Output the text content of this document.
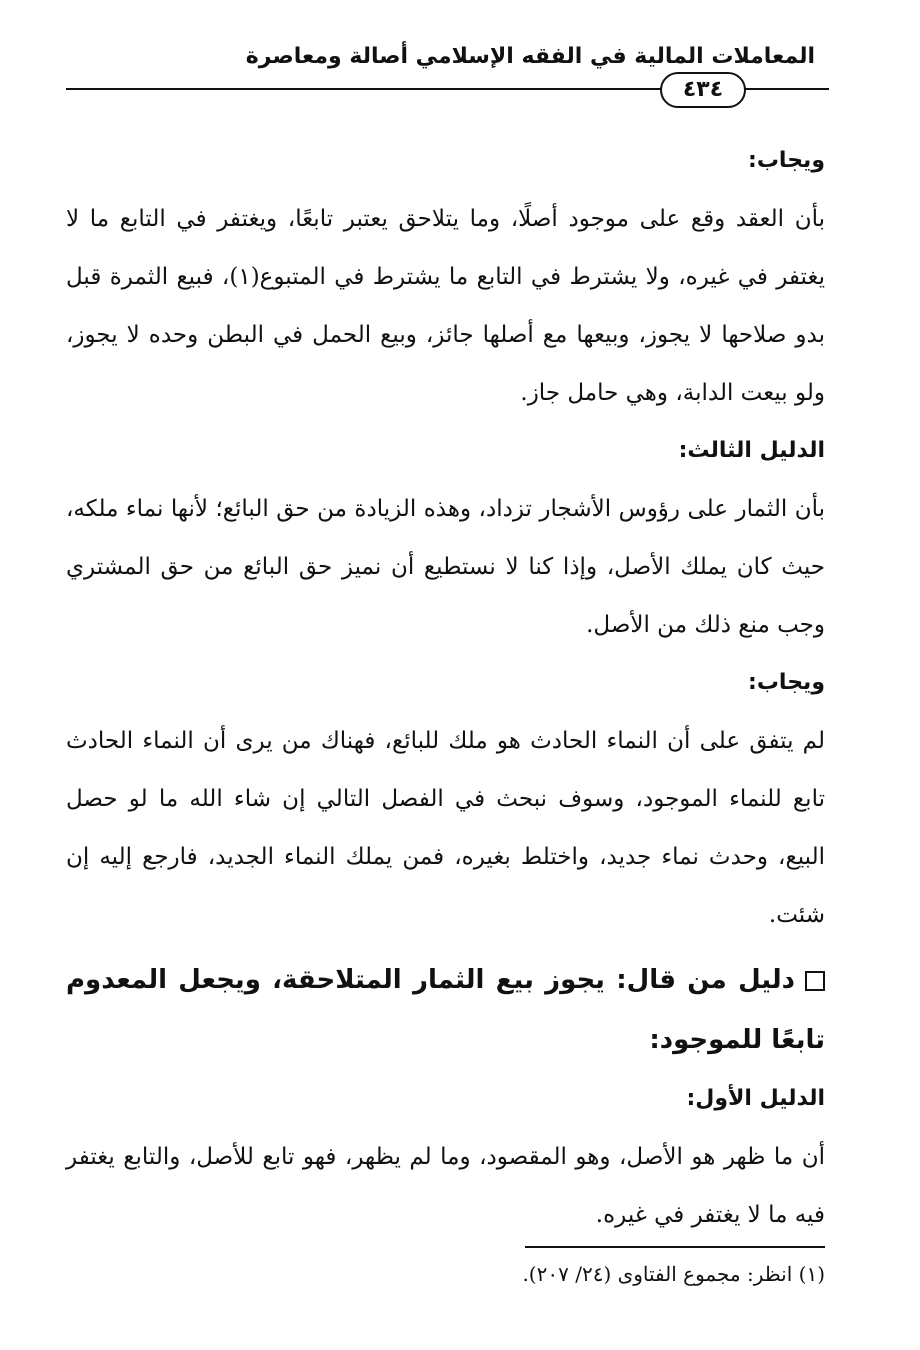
المعاملات المالية في الفقه الإسلامي أصالة ومعاصرة
٤٣٤

ويجاب:

بأن العقد وقع على موجود أصلًا، وما يتلاحق يعتبر تابعًا، ويغتفر في التابع ما لا يغتفر في غيره، ولا يشترط في التابع ما يشترط في المتبوع(١)، فبيع الثمرة قبل بدو صلاحها لا يجوز، وبيعها مع أصلها جائز، وبيع الحمل في البطن وحده لا يجوز، ولو بيعت الدابة، وهي حامل جاز.

الدليل الثالث:

بأن الثمار على رؤوس الأشجار تزداد، وهذه الزيادة من حق البائع؛ لأنها نماء ملكه، حيث كان يملك الأصل، وإذا كنا لا نستطيع أن نميز حق البائع من حق المشتري وجب منع ذلك من الأصل.

ويجاب:

لم يتفق على أن النماء الحادث هو ملك للبائع، فهناك من يرى أن النماء الحادث تابع للنماء الموجود، وسوف نبحث في الفصل التالي إن شاء الله ما لو حصل البيع، وحدث نماء جديد، واختلط بغيره، فمن يملك النماء الجديد، فارجع إليه إن شئت.

دليل من قال: يجوز بيع الثمار المتلاحقة، ويجعل المعدوم تابعًا للموجود:

الدليل الأول:

أن ما ظهر هو الأصل، وهو المقصود، وما لم يظهر، فهو تابع للأصل، والتابع يغتفر فيه ما لا يغتفر في غيره.

(١) انظر: مجموع الفتاوى (٢٤/ ٢٠٧).
